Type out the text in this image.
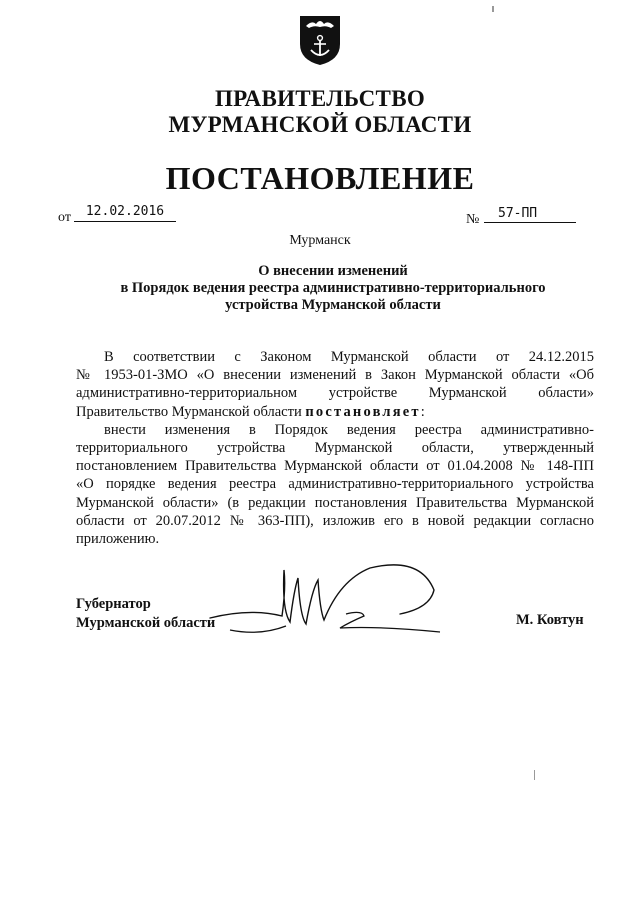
ПРАВИТЕЛЬСТВО
МУРМАНСКОЙ ОБЛАСТИ
ПОСТАНОВЛЕНИЕ
от	12.02.2016
№	57-ПП
Мурманск
О внесении изменений
в Порядок ведения реестра административно-территориального
устройства Мурманской области
В соответствии с Законом Мурманской области от 24.12.2015
№ 1953-01-ЗМО «О внесении изменений в Закон Мурманской области «Об
административно-территориальном устройстве Мурманской области»
Правительство Мурманской области постановляет:
внести изменения в Порядок ведения реестра административно-
территориального устройства Мурманской области, утвержденный
постановлением Правительства Мурманской области от 01.04.2008 № 148-ПП
«О порядке ведения реестра административно-территориального устройства
Мурманской области» (в редакции постановления Правительства Мурманской
области от 20.07.2012 № 363-ПП), изложив его в новой редакции согласно
приложению.
Губернатор
Мурманской области	М. Ковтун
